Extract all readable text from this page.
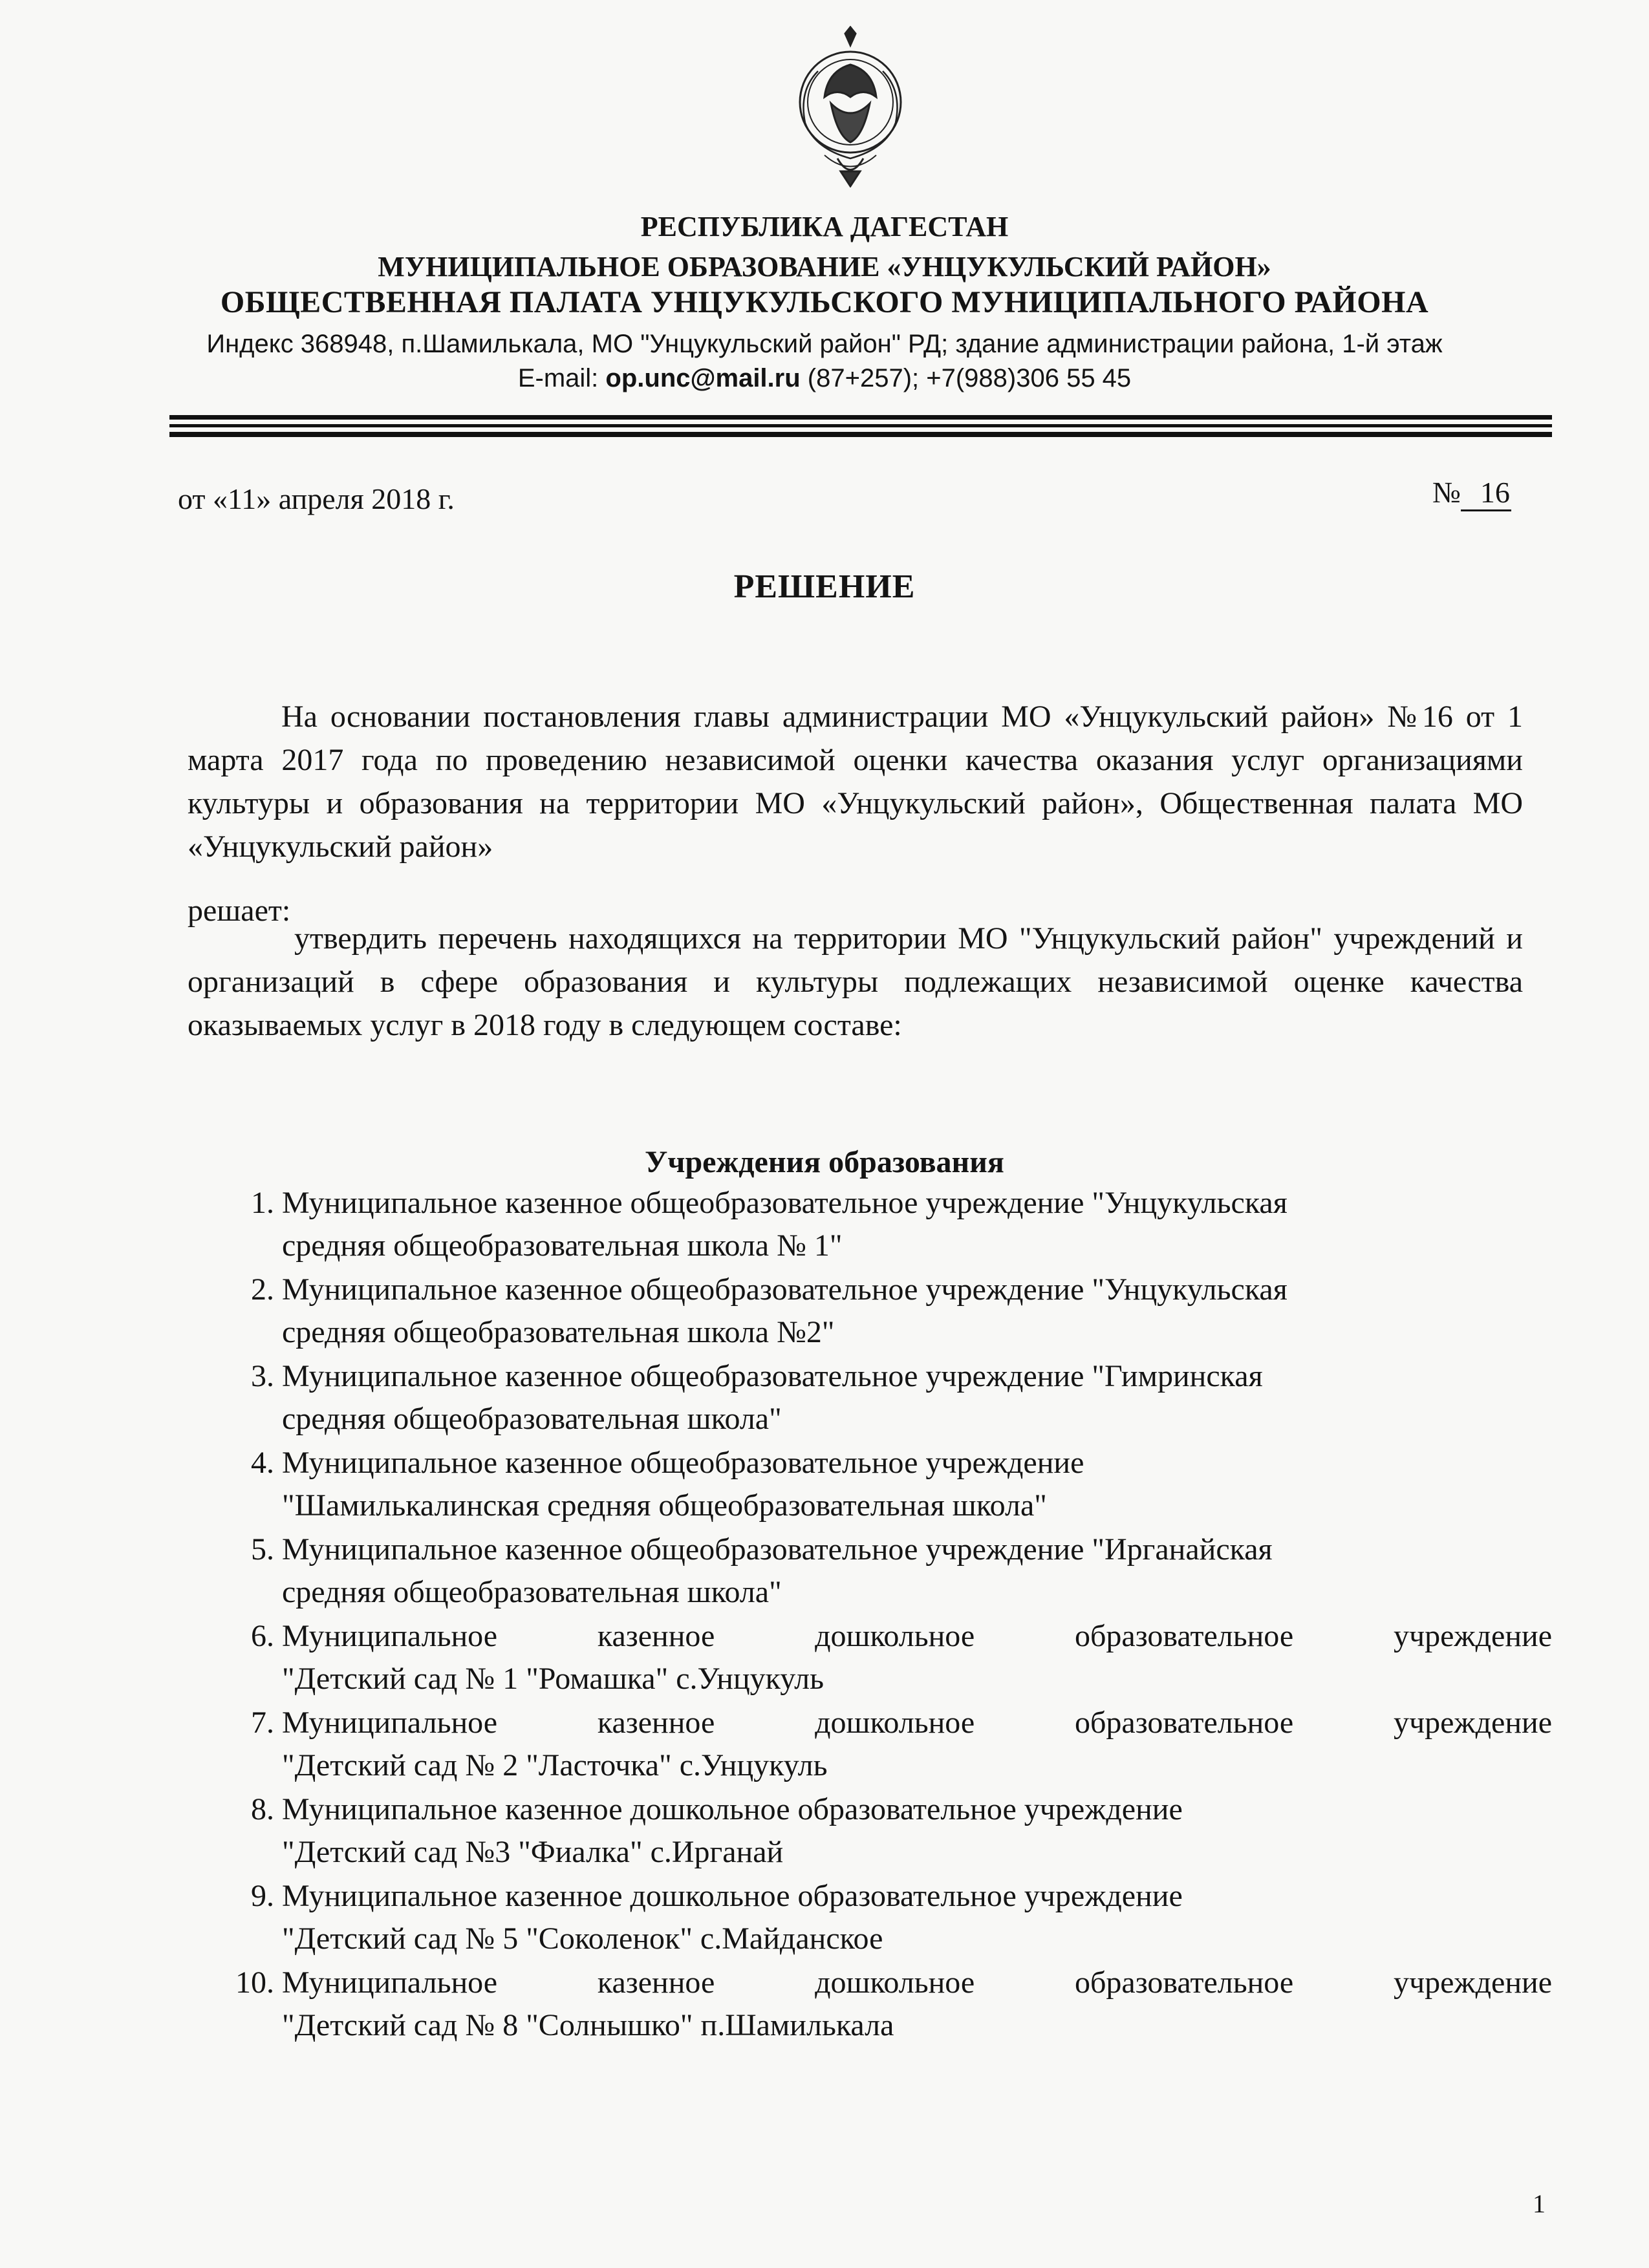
РЕСПУБЛИКА ДАГЕСТАН
МУНИЦИПАЛЬНОЕ ОБРАЗОВАНИЕ «УНЦУКУЛЬСКИЙ РАЙОН»
ОБЩЕСТВЕННАЯ ПАЛАТА УНЦУКУЛЬСКОГО МУНИЦИПАЛЬНОГО РАЙОНА
Индекс 368948, п.Шамилькала, МО "Унцукульский район" РД; здание администрации района, 1-й этаж
E-mail: op.unc@mail.ru (87+257); +7(988)306 55 45
от «11» апреля 2018 г.	№ 16
РЕШЕНИЕ
На основании постановления главы администрации МО «Унцукульский район» №16 от 1 марта 2017 года по проведению независимой оценки качества оказания услуг организациями культуры и образования на территории МО «Унцукульский район», Общественная палата МО «Унцукульский район»
решает:
утвердить перечень находящихся на территории МО "Унцукульский район" учреждений и организаций в сфере образования и культуры подлежащих независимой оценке качества оказываемых услуг в 2018 году в следующем составе:
Учреждения образования
1. Муниципальное казенное общеобразовательное учреждение "Унцукульская
средняя общеобразовательная школа № 1"
2. Муниципальное казенное общеобразовательное учреждение "Унцукульская
средняя общеобразовательная школа №2"
3. Муниципальное казенное общеобразовательное учреждение "Гимринская
средняя общеобразовательная школа"
4. Муниципальное казенное общеобразовательное учреждение
"Шамилькалинская средняя общеобразовательная школа"
5. Муниципальное казенное общеобразовательное учреждение "Ирганайская
средняя общеобразовательная школа"
6. Муниципальное казенное дошкольное образовательное учреждение
"Детский сад № 1 "Ромашка" с.Унцукуль
7. Муниципальное казенное дошкольное образовательное учреждение
"Детский сад № 2 "Ласточка" с.Унцукуль
8. Муниципальное казенное дошкольное образовательное учреждение
"Детский сад №3 "Фиалка" с.Ирганай
9. Муниципальное казенное дошкольное образовательное учреждение
"Детский сад № 5 "Соколенок" с.Майданское
10. Муниципальное казенное дошкольное образовательное учреждение
"Детский сад № 8 "Солнышко" п.Шамилькала
1
